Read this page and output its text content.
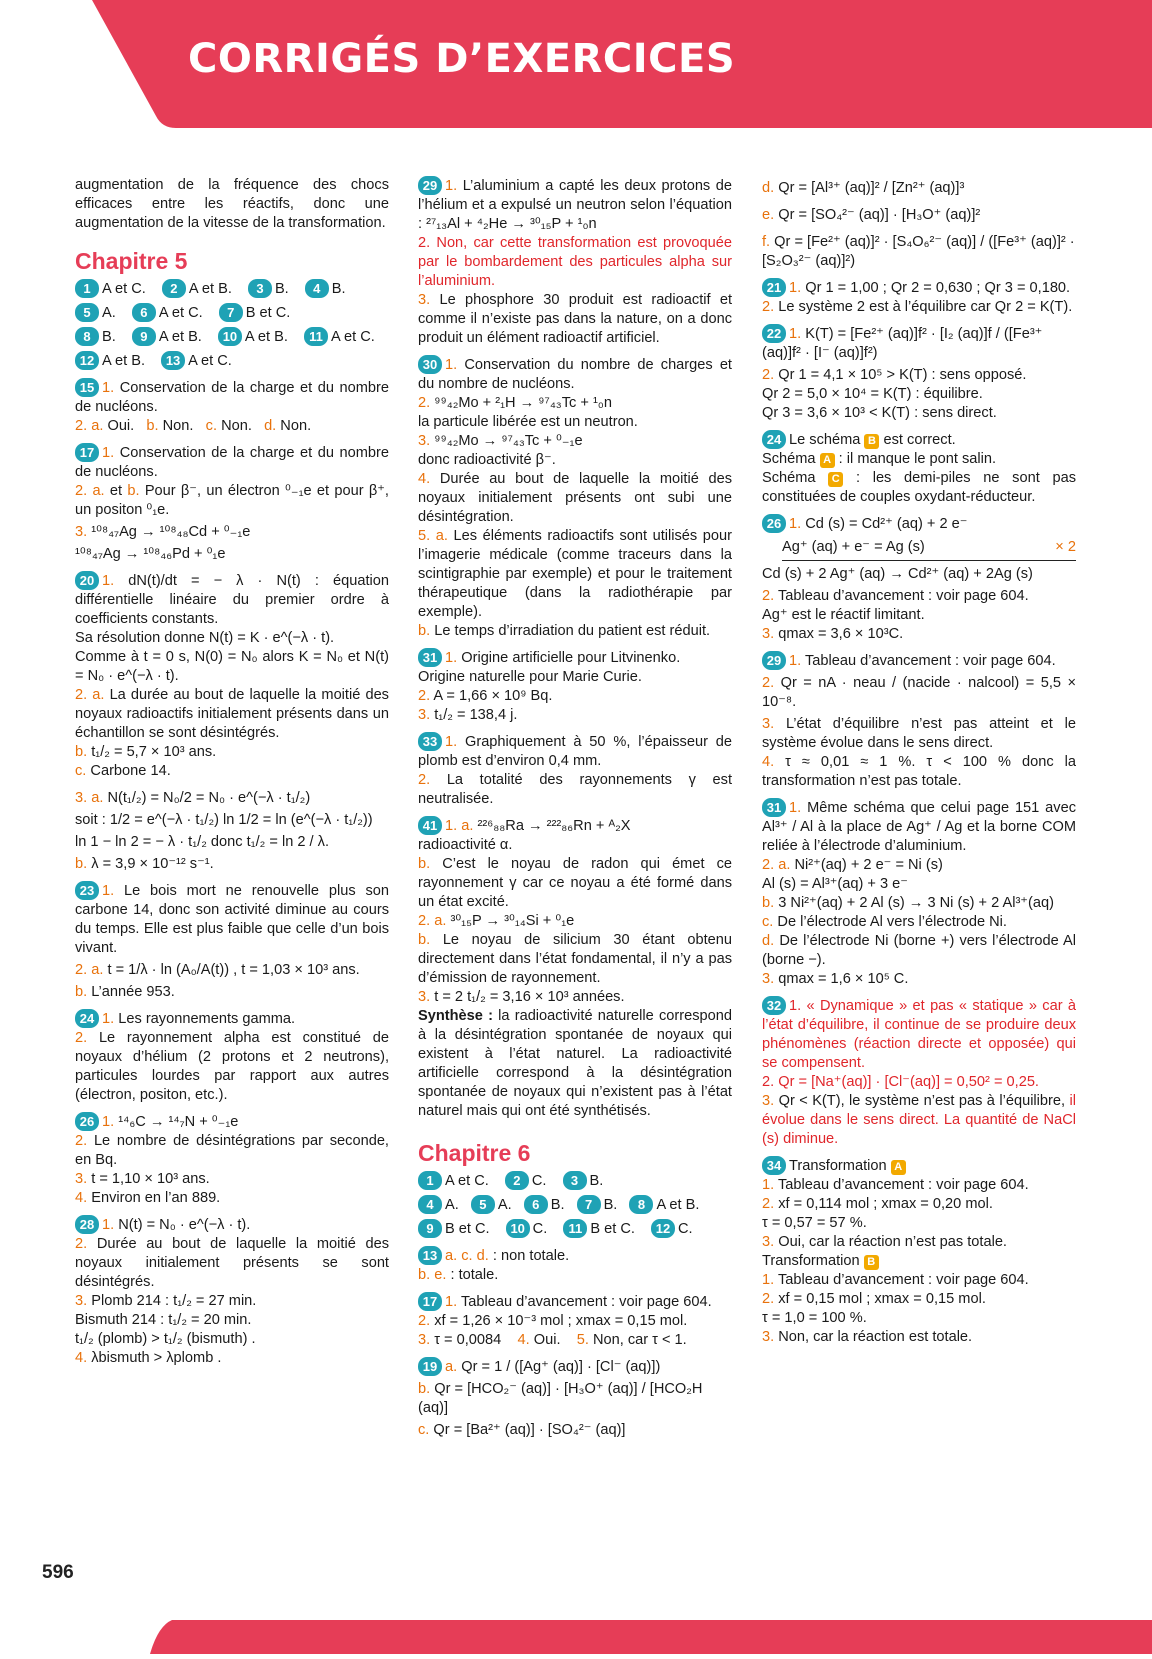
CORRIGÉS D’EXERCICES

augmentation de la fréquence des chocs efficaces entre les réactifs, donc une augmentation de la vitesse de la transformation.

Chapitre 5
1 A et C. 2 A et B. 3 B. 4 B.
5 A. 6 A et C. 7 B et C.
8 B. 9 A et B. 10 A et B. 11 A et C.
12 A et B. 13 A et C.
15 1. Conservation de la charge et du nombre de nucléons.
2. a. Oui. b. Non. c. Non. d. Non.
17 1. Conservation de la charge et du nombre de nucléons.
2. a. et b. Pour β⁻, un électron ⁰₋₁e et pour β⁺, un positon ⁰₁e.

3. ¹⁰⁸₄₇Ag → ¹⁰⁸₄₈Cd + ⁰₋₁e
¹⁰⁸₄₇Ag → ¹⁰⁸₄₆Pd + ⁰₁e
20 1. dN(t)/dt = − λ · N(t) : équation différentielle linéaire du premier ordre à coefficients constants.
Sa résolution donne N(t) = K · e^(−λ · t).
Comme à t = 0 s, N(0) = N₀ alors K = N₀ et N(t) = N₀ · e^(−λ · t).
2. a. La durée au bout de laquelle la moitié des noyaux radioactifs initialement présents dans un échantillon se sont désintégrés.
b. t₁/₂ = 5,7 × 10³ ans.
c. Carbone 14.
3. a. N(t₁/₂) = N₀/2 = N₀ · e^(−λ · t₁/₂)
soit : 1/2 = e^(−λ · t₁/₂) ln 1/2 = ln (e^(−λ · t₁/₂))
ln 1 − ln 2 = − λ · t₁/₂ donc t₁/₂ = ln 2 / λ.
b. λ = 3,9 × 10⁻¹² s⁻¹.
23 1. Le bois mort ne renouvelle plus son carbone 14, donc son activité diminue au cours du temps. Elle est plus faible que celle d’un bois vivant.
2. a. t = 1/λ · ln (A₀/A(t)) , t = 1,03 × 10³ ans.
b. L’année 953.
24 1. Les rayonnements gamma.
2. Le rayonnement alpha est constitué de noyaux d’hélium (2 protons et 2 neutrons), particules lourdes par rapport aux autres (électron, positon, etc.).
26 1. ¹⁴₆C → ¹⁴₇N + ⁰₋₁e
2. Le nombre de désintégrations par seconde, en Bq.
3. t = 1,10 × 10³ ans.
4. Environ en l’an 889.
28 1. N(t) = N₀ · e^(−λ · t).
2. Durée au bout de laquelle la moitié des noyaux initialement présents se sont désintégrés.
3. Plomb 214 : t₁/₂ = 27 min.
Bismuth 214 : t₁/₂ = 20 min.
t₁/₂ (plomb) > t₁/₂ (bismuth) .
4. λbismuth > λplomb .
29 1. L’aluminium a capté les deux protons de l’hélium et a expulsé un neutron selon l’équation : ²⁷₁₃Al + ⁴₂He → ³⁰₁₅P + ¹₀n
2. Non, car cette transformation est provoquée par le bombardement des particules alpha sur l’aluminium.
3. Le phosphore 30 produit est radioactif et comme il n’existe pas dans la nature, on a donc produit un élément radioactif artificiel.
30 1. Conservation du nombre de charges et du nombre de nucléons.
2. ⁹⁹₄₂Mo + ²₁H → ⁹⁷₄₃Tc + ¹₀n
la particule libérée est un neutron.
3. ⁹⁹₄₂Mo → ⁹⁷₄₃Tc + ⁰₋₁e
donc radioactivité β⁻.
4. Durée au bout de laquelle la moitié des noyaux initialement présents ont subi une désintégration.
5. a. Les éléments radioactifs sont utilisés pour l’imagerie médicale (comme traceurs dans la scintigraphie par exemple) et pour le traitement thérapeutique (dans la radiothérapie par exemple).
b. Le temps d’irradiation du patient est réduit.
31 1. Origine artificielle pour Litvinenko.
Origine naturelle pour Marie Curie.
2. A = 1,66 × 10⁹ Bq.
3. t₁/₂ = 138,4 j.
33 1. Graphiquement à 50 %, l’épaisseur de plomb est d’environ 0,4 mm.
2. La totalité des rayonnements γ est neutralisée.
41 1. a. ²²⁶₈₈Ra → ²²²₈₆Rn + ᴬ₂X
radioactivité α.
b. C’est le noyau de radon qui émet ce rayonnement γ car ce noyau a été formé dans un état excité.
2. a. ³⁰₁₅P → ³⁰₁₄Si + ⁰₁e
b. Le noyau de silicium 30 étant obtenu directement dans l’état fondamental, il n’y a pas d’émission de rayonnement.
3. t = 2 t₁/₂ = 3,16 × 10³ années.
Synthèse : la radioactivité naturelle correspond à la désintégration spontanée de noyaux qui existent à l’état naturel. La radioactivité artificielle correspond à la désintégration spontanée de noyaux qui n’existent pas à l’état naturel mais qui ont été synthétisés.
Chapitre 6
1 A et C. 2 C. 3 B.
4 A. 5 A. 6 B. 7 B. 8 A et B.
9 B et C. 10 C. 11 B et C. 12 C.
13 a. c. d. : non totale.
b. e. : totale.
17 1. Tableau d’avancement : voir page 604.
2. xf = 1,26 × 10⁻³ mol ; xmax = 0,15 mol.
3. τ = 0,0084 4. Oui. 5. Non, car τ < 1.
19 a. Qr = 1 / ([Ag⁺ (aq)] · [Cl⁻ (aq)])
b. Qr = [HCO₂⁻ (aq)] · [H₃O⁺ (aq)] / [HCO₂H (aq)]
c. Qr = [Ba²⁺ (aq)] · [SO₄²⁻ (aq)]
d. Qr = [Al³⁺ (aq)]² / [Zn²⁺ (aq)]³
e. Qr = [SO₄²⁻ (aq)] · [H₃O⁺ (aq)]²
f. Qr = [Fe²⁺ (aq)]² · [S₄O₆²⁻ (aq)] / ([Fe³⁺ (aq)]² · [S₂O₃²⁻ (aq)]²)
21 1. Qr 1 = 1,00 ; Qr 2 = 0,630 ; Qr 3 = 0,180.
2. Le système 2 est à l’équilibre car Qr 2 = K(T).
22 1. K(T) = [Fe²⁺ (aq)]f² · [I₂ (aq)]f / ([Fe³⁺ (aq)]f² · [I⁻ (aq)]f²)
2. Qr 1 = 4,1 × 10⁵ > K(T) : sens opposé.
Qr 2 = 5,0 × 10⁴ = K(T) : équilibre.
Qr 3 = 3,6 × 10³ < K(T) : sens direct.
24 Le schéma B est correct.
Schéma A : il manque le pont salin.
Schéma C : les demi-piles ne sont pas constituées de couples oxydant-réducteur.
26 1. Cd (s) = Cd²⁺ (aq) + 2 e⁻
Ag⁺ (aq) + e⁻ = Ag (s)	× 2
Cd (s) + 2 Ag⁺ (aq) → Cd²⁺ (aq) + 2Ag (s)
2. Tableau d’avancement : voir page 604.
Ag⁺ est le réactif limitant.
3. qmax = 3,6 × 10³C.
29 1. Tableau d’avancement : voir page 604.
2. Qr = nA · neau / (nacide · nalcool) = 5,5 × 10⁻⁸.
3. L’état d’équilibre n’est pas atteint et le système évolue dans le sens direct.
4. τ ≈ 0,01 ≈ 1 %. τ < 100 % donc la transformation n’est pas totale.
31 1. Même schéma que celui page 151 avec Al³⁺ / Al à la place de Ag⁺ / Ag et la borne COM reliée à l’électrode d’aluminium.
2. a. Ni²⁺(aq) + 2 e⁻ = Ni (s)
Al (s) = Al³⁺(aq) + 3 e⁻
b. 3 Ni²⁺(aq) + 2 Al (s) → 3 Ni (s) + 2 Al³⁺(aq)
c. De l’électrode Al vers l’électrode Ni.
d. De l’électrode Ni (borne +) vers l’électrode Al (borne −).
3. qmax = 1,6 × 10⁵ C.
32 1. « Dynamique » et pas « statique » car à l’état d’équilibre, il continue de se produire deux phénomènes (réaction directe et opposée) qui se compensent.
2. Qr = [Na⁺(aq)] · [Cl⁻(aq)] = 0,50² = 0,25.
3. Qr < K(T), le système n’est pas à l’équilibre, il évolue dans le sens direct. La quantité de NaCl (s) diminue.
34 Transformation A
1. Tableau d’avancement : voir page 604.
2. xf = 0,114 mol ; xmax = 0,20 mol.
τ = 0,57 = 57 %.
3. Oui, car la réaction n’est pas totale.
Transformation B
1. Tableau d’avancement : voir page 604.
2. xf = 0,15 mol ; xmax = 0,15 mol.
τ = 1,0 = 100 %.
3. Non, car la réaction est totale.
596
